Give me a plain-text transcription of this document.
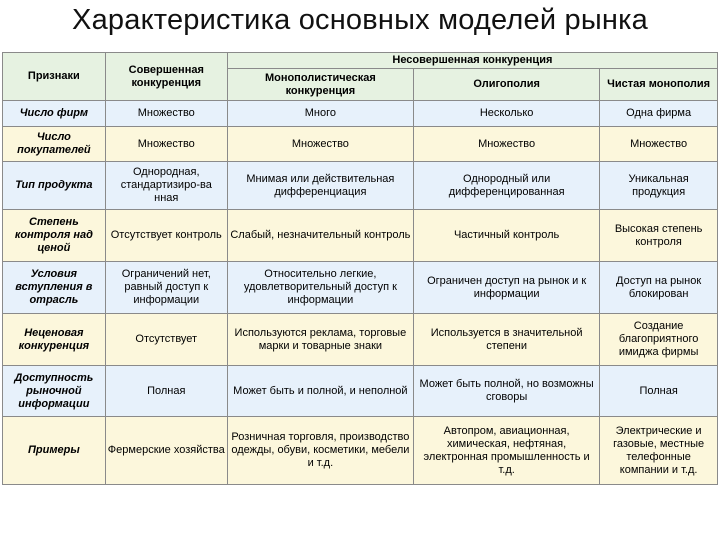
Характеристика основных моделей рынка
Признаки	Совершенная конкуренция	Несовершенная конкуренция		
		Монополистическая конкуренция	Олигополия	Чистая монополия
Число фирм	Множество	Много	Несколько	Одна фирма
Число покупателей	Множество	Множество	Множество	Множество
Тип продукта	Однородная, стандартизиро-ва нная	Мнимая или действительная дифференциация	Однородный или дифференцированная	Уникальная продукция
Степень контроля над ценой	Отсутствует контроль	Слабый, незначительный контроль	Частичный контроль	Высокая степень контроля
Условия вступления в отрасль	Ограничений нет, равный доступ к информации	Относительно легкие, удовлетворительный доступ к информации	Ограничен доступ на рынок и к информации	Доступ на рынок блокирован
Неценовая конкуренция	Отсутствует	Используются реклама, торговые марки и товарные знаки	Используется в значительной степени	Создание благоприятного имиджа фирмы
Доступность рыночной информации	Полная	Может быть и полной, и неполной	Может быть полной, но возможны сговоры	Полная
Примеры	Фермерские хозяйства	Розничная торговля, производство одежды, обуви, косметики, мебели и т.д.	Автопром, авиационная, химическая, нефтяная, электронная промышленность и т.д.	Электрические и газовые, местные телефонные компании и т.д.
